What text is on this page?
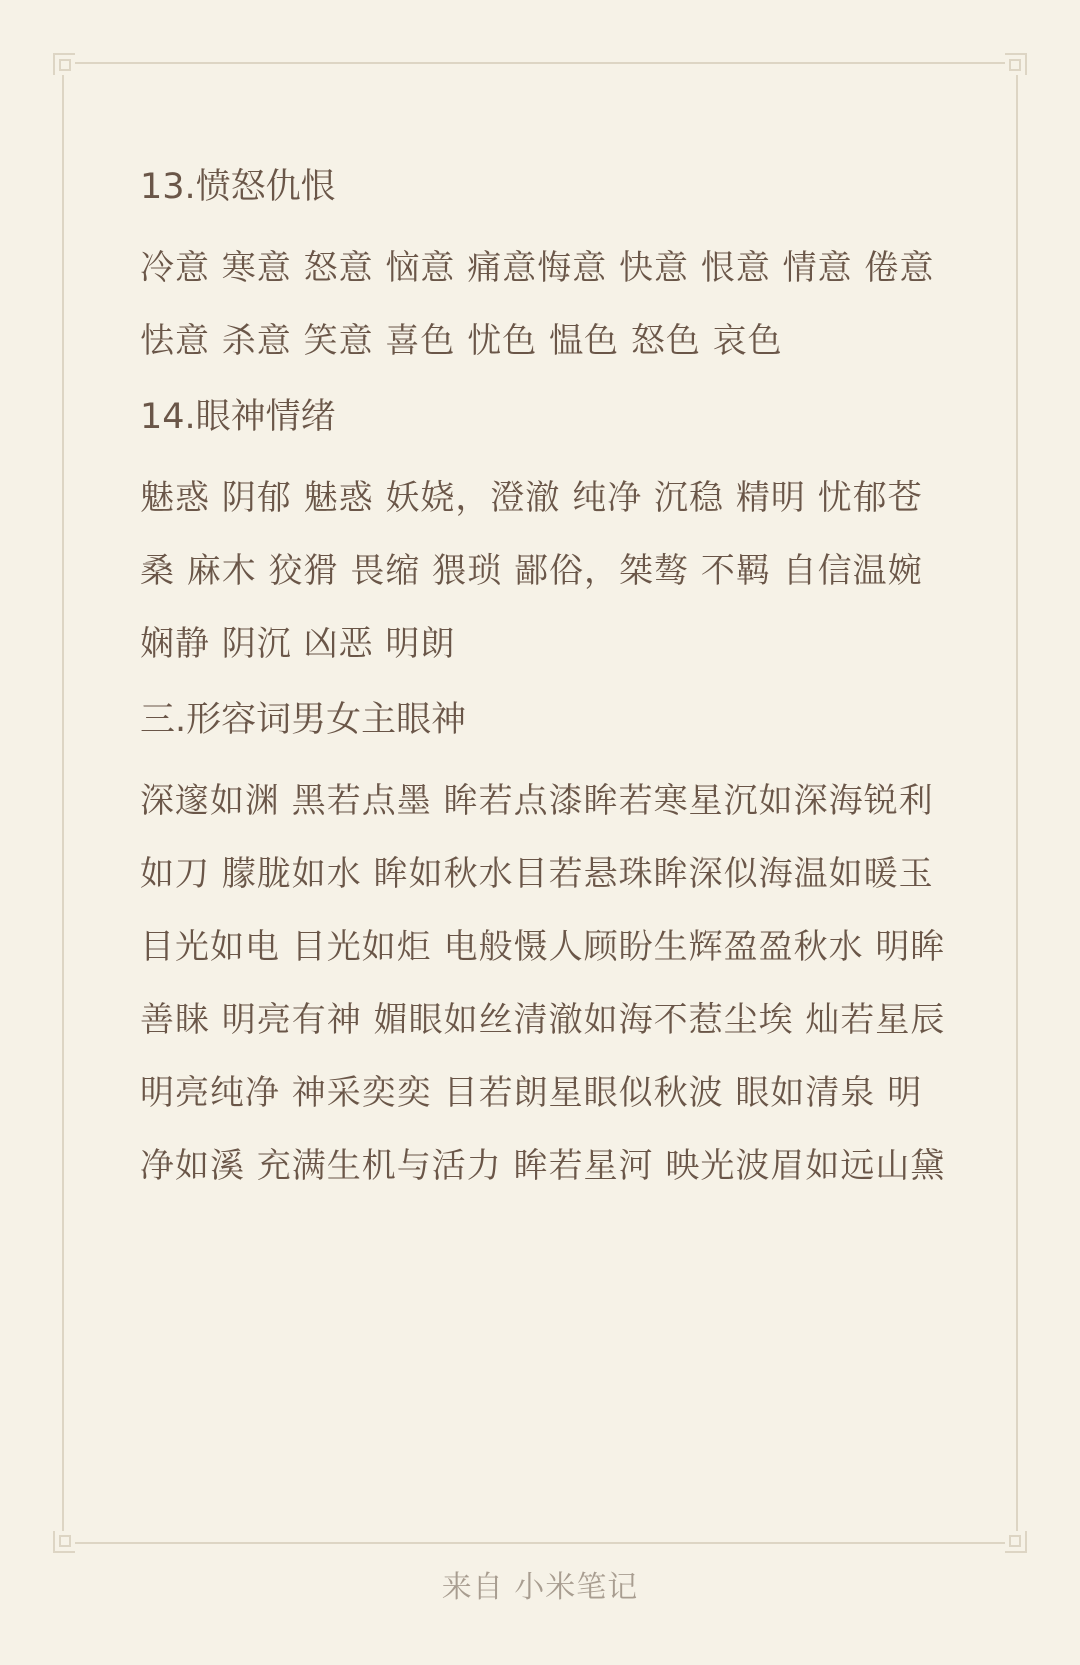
13.愤怒仇恨
冷意 寒意 怒意 恼意 痛意悔意 快意 恨意 情意 倦意 怯意 杀意 笑意 喜色 忧色 愠色 怒色 哀色
14.眼神情绪
魅惑 阴郁 魅惑 妖娆，澄澈 纯净 沉稳 精明 忧郁苍桑 麻木 狡猾 畏缩 猥琐 鄙俗，桀骜 不羁 自信温婉 娴静 阴沉 凶恶 明朗
三.形容词男女主眼神
深邃如渊 黑若点墨 眸若点漆眸若寒星沉如深海锐利如刀 朦胧如水 眸如秋水目若悬珠眸深似海温如暖玉 目光如电 目光如炬 电般慑人顾盼生辉盈盈秋水 明眸善睐 明亮有神 媚眼如丝清澈如海不惹尘埃 灿若星辰 明亮纯净 神采奕奕 目若朗星眼似秋波 眼如清泉 明净如溪 充满生机与活力 眸若星河 映光波眉如远山黛
来自 小米笔记
